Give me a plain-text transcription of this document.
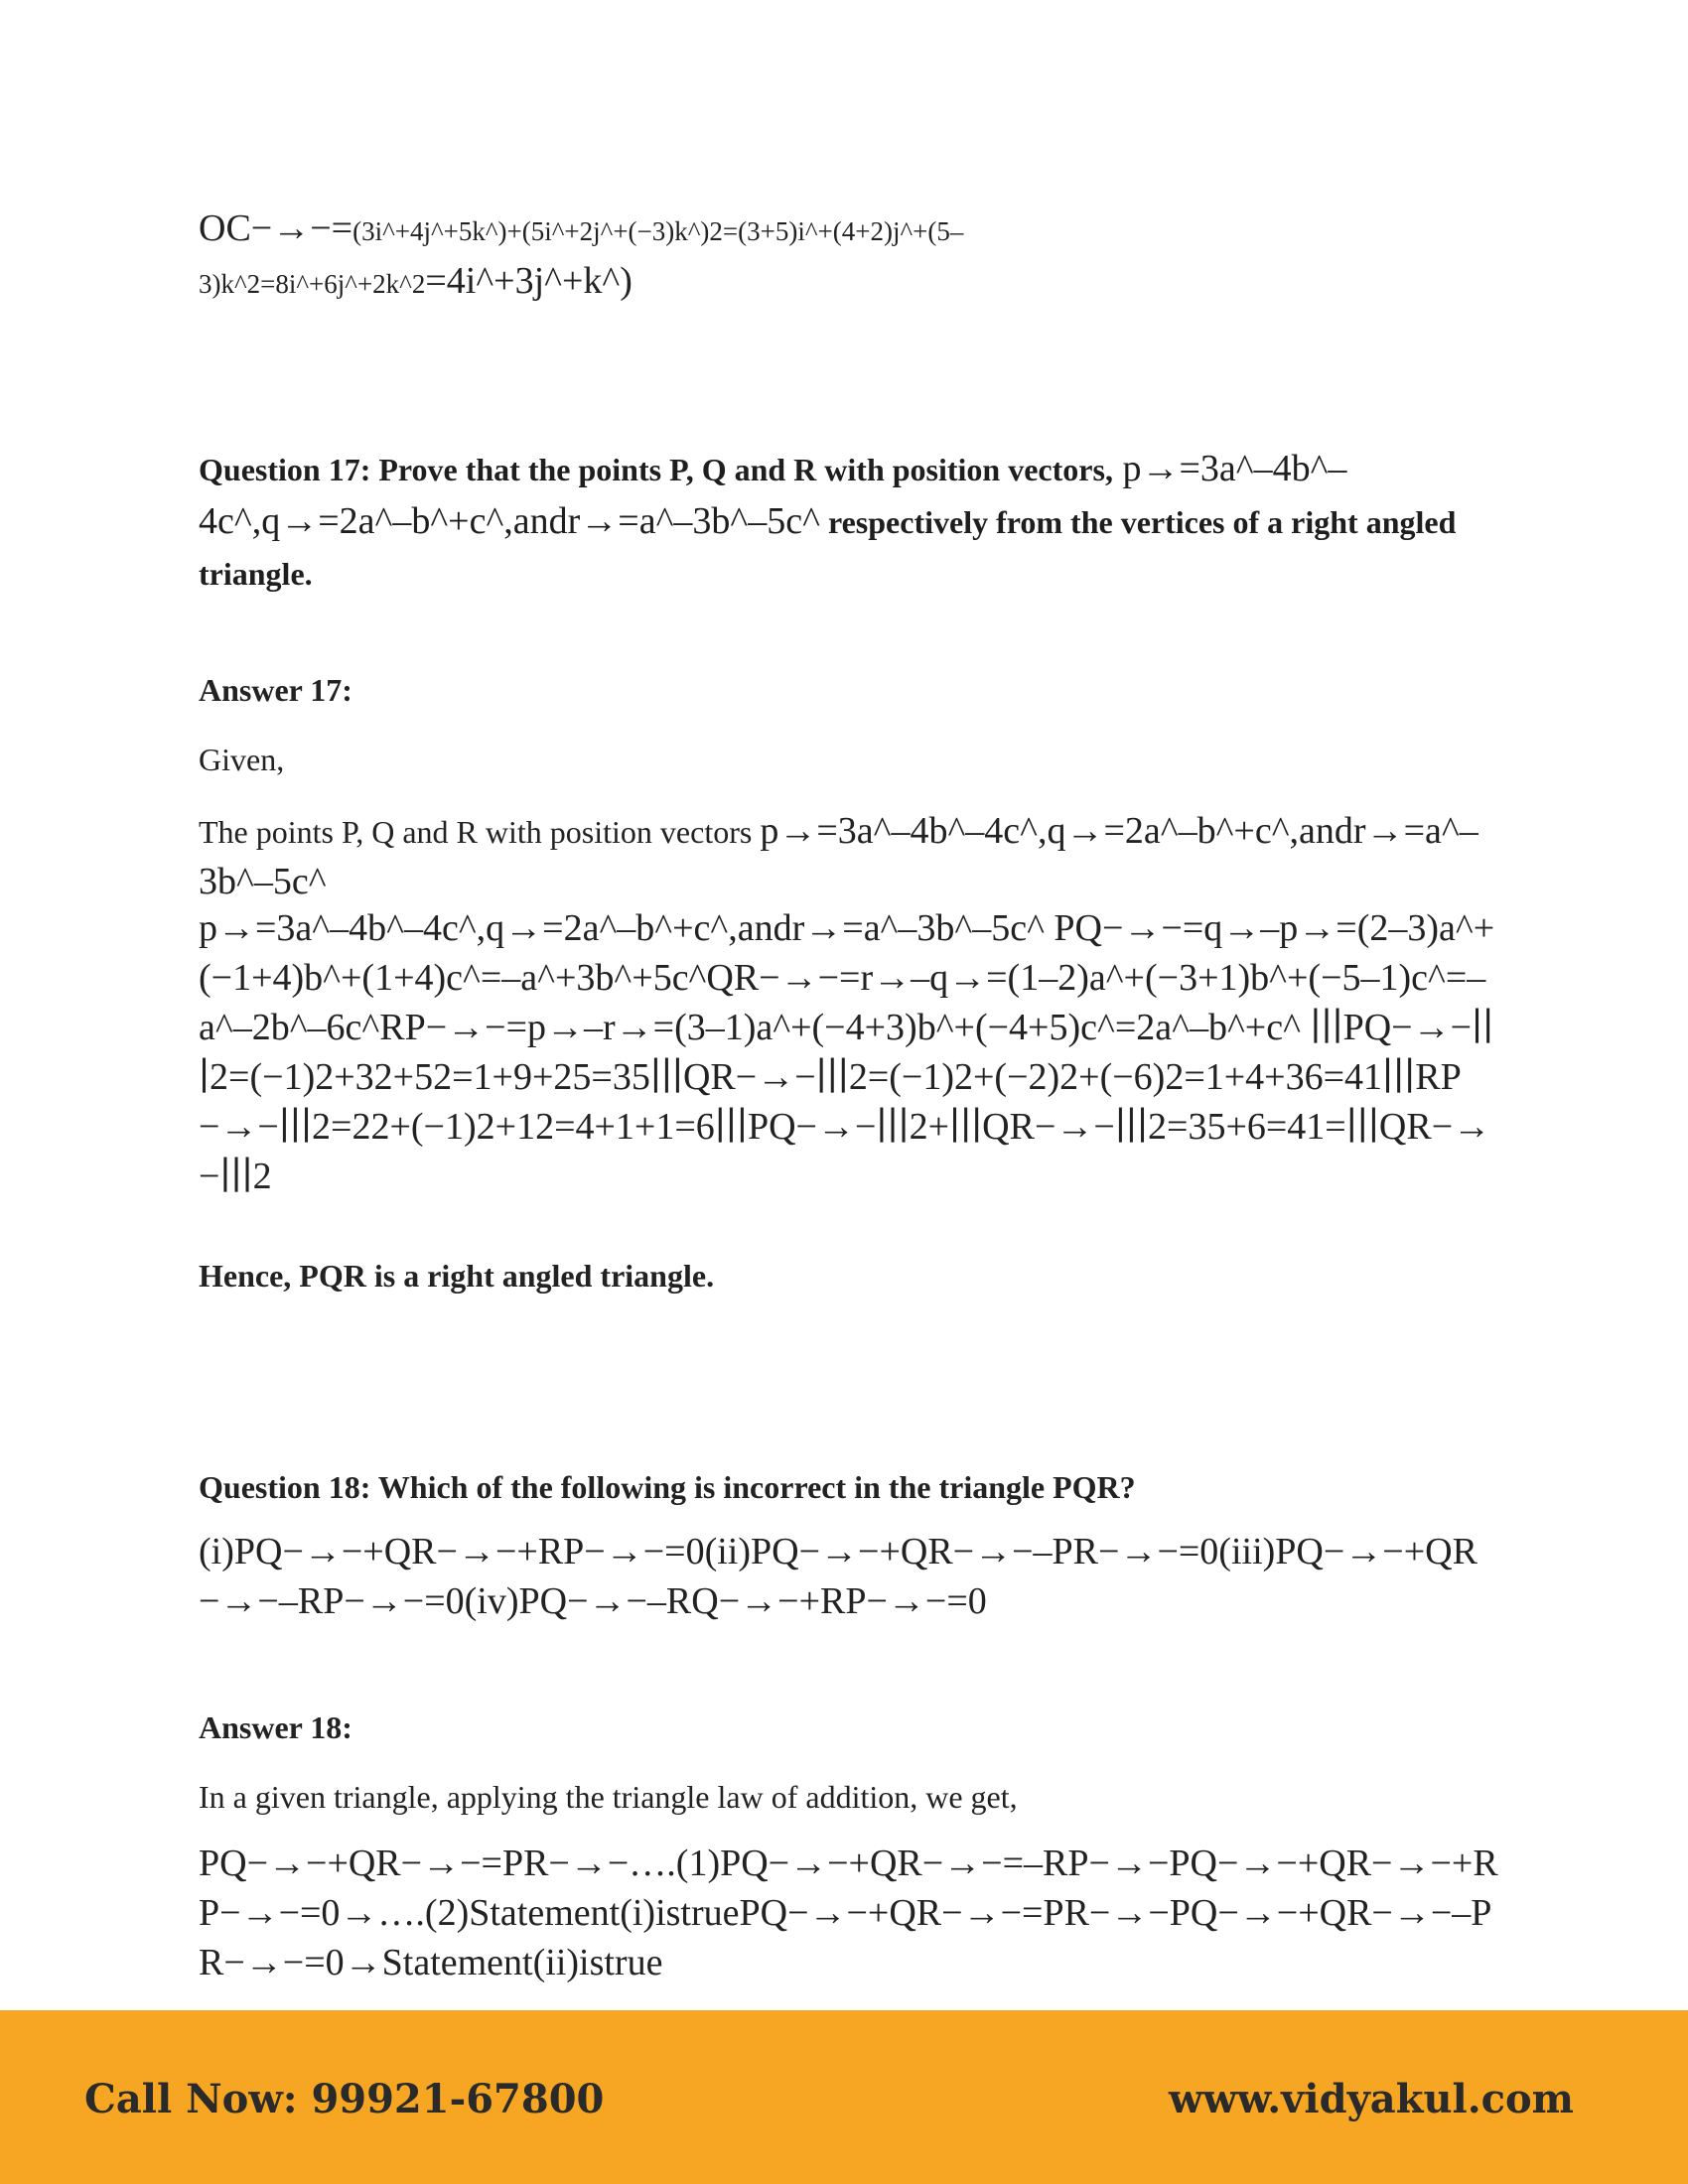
OC−→−=(3i^+4j^+5k^)+(5i^+2j^+(−3)k^)2=(3+5)i^+(4+2)j^+(5–
3)k^2=8i^+6j^+2k^2=4i^+3j^+k^)

Question 17: Prove that the points P, Q and R with position vectors, p→=3a^–4b^–
4c^,q→=2a^–b^+c^,andr→=a^–3b^–5c^ respectively from the vertices of a right angled triangle.

Answer 17:

Given,

The points P, Q and R with position vectors p→=3a^–4b^–4c^,q→=2a^–b^+c^,andr→=a^–3b^–5c^

p→=3a^–4b^–4c^,q→=2a^–b^+c^,andr→=a^–3b^–5c^ PQ−→−=q→–p→=(2–3)a^+(−1+4)b^+(1+4)c^=–a^+3b^+5c^QR−→−=r→–q→=(1–2)a^+(−3+1)b^+(−5–1)c^=–a^–2b^–6c^RP−→−=p→–r→=(3–1)a^+(−4+3)b^+(−4+5)c^=2a^–b^+c^ ∣∣∣PQ−→−∣∣∣2=(−1)2+32+52=1+9+25=35∣∣∣QR−→−∣∣∣2=(−1)2+(−2)2+(−6)2=1+4+36=41∣∣∣RP−→−∣∣∣2=22+(−1)2+12=4+1+1=6∣∣∣PQ−→−∣∣∣2+∣∣∣QR−→−∣∣∣2=35+6=41=∣∣∣QR−→−∣∣∣2

Hence, PQR is a right angled triangle.

Question 18: Which of the following is incorrect in the triangle PQR?

(i)PQ−→−+QR−→−+RP−→−=0(ii)PQ−→−+QR−→−–PR−→−=0(iii)PQ−→−+QR−→−–RP−→−=0(iv)PQ−→−–RQ−→−+RP−→−=0

Answer 18:

In a given triangle, applying the triangle law of addition, we get,

PQ−→−+QR−→−=PR−→−….(1)PQ−→−+QR−→−=–RP−→−PQ−→−+QR−→−+RP−→−=0→….(2)Statement(i)istruePQ−→−+QR−→−=PR−→−PQ−→−+QR−→−–PR−→−=0→Statement(ii)istrue

Call Now: 99921-67800	www.vidyakul.com
